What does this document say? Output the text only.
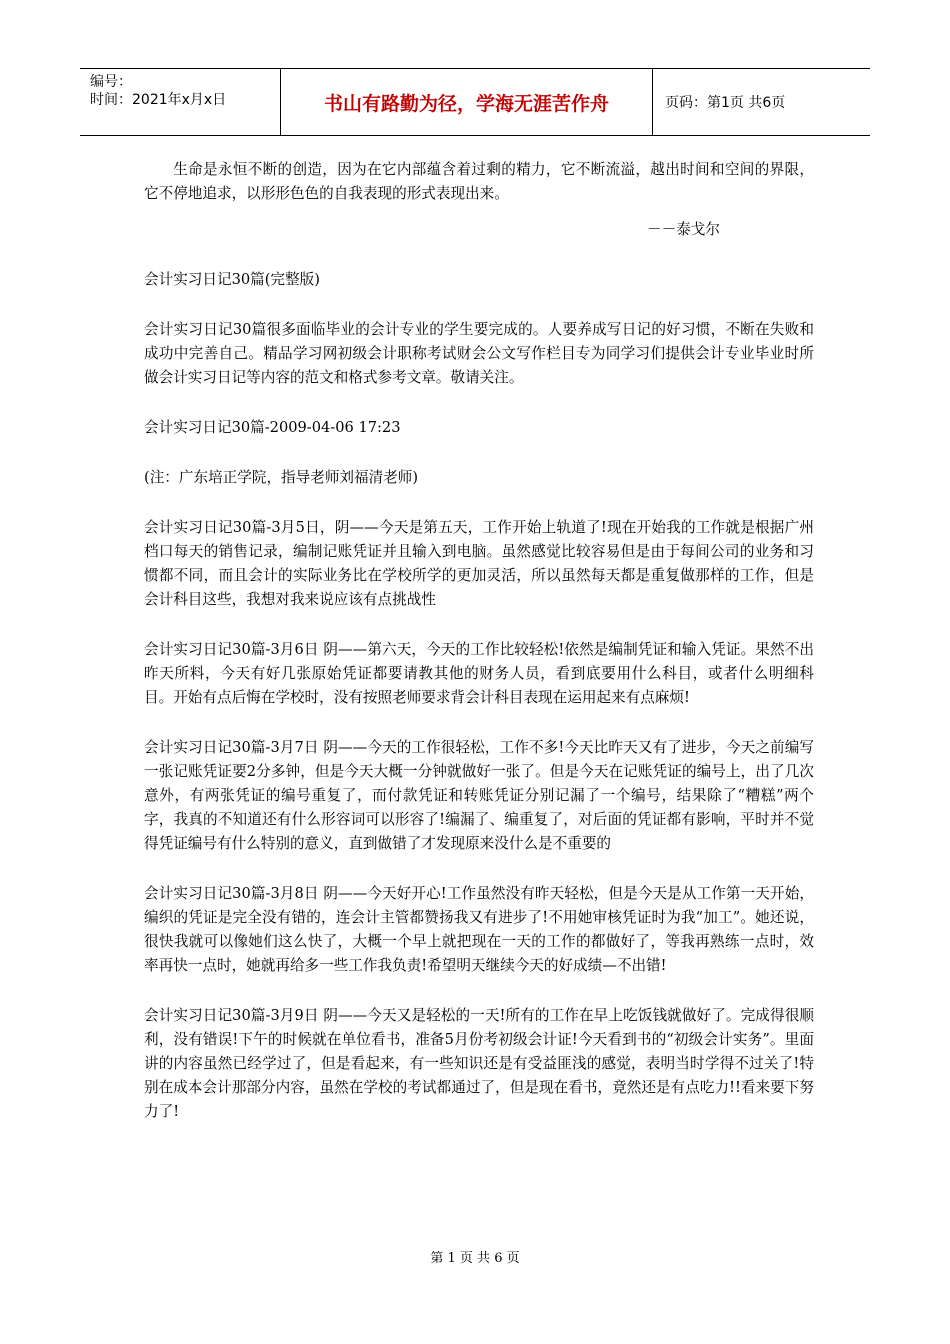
编号：
时间：2021年x月x日	书山有路勤为径，学海无涯苦作舟	页码：第1页 共6页

生命是永恒不断的创造，因为在它内部蕴含着过剩的精力，它不断流溢，越出时间和空间的界限，它不停地追求，以形形色色的自我表现的形式表现出来。

－－泰戈尔

会计实习日记30篇(完整版)

会计实习日记30篇很多面临毕业的会计专业的学生要完成的。人要养成写日记的好习惯，不断在失败和成功中完善自己。精品学习网初级会计职称考试财会公文写作栏目专为同学习们提供会计专业毕业时所做会计实习日记等内容的范文和格式参考文章。敬请关注。

会计实习日记30篇-2009-04-06 17:23

(注：广东培正学院，指导老师刘福清老师)

会计实习日记30篇-3月5日，阴——今天是第五天，工作开始上轨道了!现在开始我的工作就是根据广州档口每天的销售记录，编制记账凭证并且输入到电脑。虽然感觉比较容易但是由于每间公司的业务和习惯都不同，而且会计的实际业务比在学校所学的更加灵活，所以虽然每天都是重复做那样的工作，但是会计科目这些，我想对我来说应该有点挑战性

会计实习日记30篇-3月6日 阴——第六天，今天的工作比较轻松!依然是编制凭证和输入凭证。果然不出昨天所料，今天有好几张原始凭证都要请教其他的财务人员，看到底要用什么科目，或者什么明细科目。开始有点后悔在学校时，没有按照老师要求背会计科目表现在运用起来有点麻烦!

会计实习日记30篇-3月7日 阴——今天的工作很轻松，工作不多!今天比昨天又有了进步，今天之前编写一张记账凭证要2分多钟，但是今天大概一分钟就做好一张了。但是今天在记账凭证的编号上，出了几次意外，有两张凭证的编号重复了，而付款凭证和转账凭证分别记漏了一个编号，结果除了“糟糕”两个字，我真的不知道还有什么形容词可以形容了!编漏了、编重复了，对后面的凭证都有影响，平时并不觉得凭证编号有什么特别的意义，直到做错了才发现原来没什么是不重要的

会计实习日记30篇-3月8日 阴——今天好开心!工作虽然没有昨天轻松，但是今天是从工作第一天开始，编织的凭证是完全没有错的，连会计主管都赞扬我又有进步了!不用她审核凭证时为我“加工”。她还说，很快我就可以像她们这么快了，大概一个早上就把现在一天的工作的都做好了，等我再熟练一点时，效率再快一点时，她就再给多一些工作我负责!希望明天继续今天的好成绩—不出错!

会计实习日记30篇-3月9日 阴——今天又是轻松的一天!所有的工作在早上吃饭钱就做好了。完成得很顺利，没有错误!下午的时候就在单位看书，准备5月份考初级会计证!今天看到书的“初级会计实务”。里面讲的内容虽然已经学过了，但是看起来，有一些知识还是有受益匪浅的感觉，表明当时学得不过关了!特别在成本会计那部分内容，虽然在学校的考试都通过了，但是现在看书，竟然还是有点吃力!!看来要下努力了!

第 1 页 共 6 页
